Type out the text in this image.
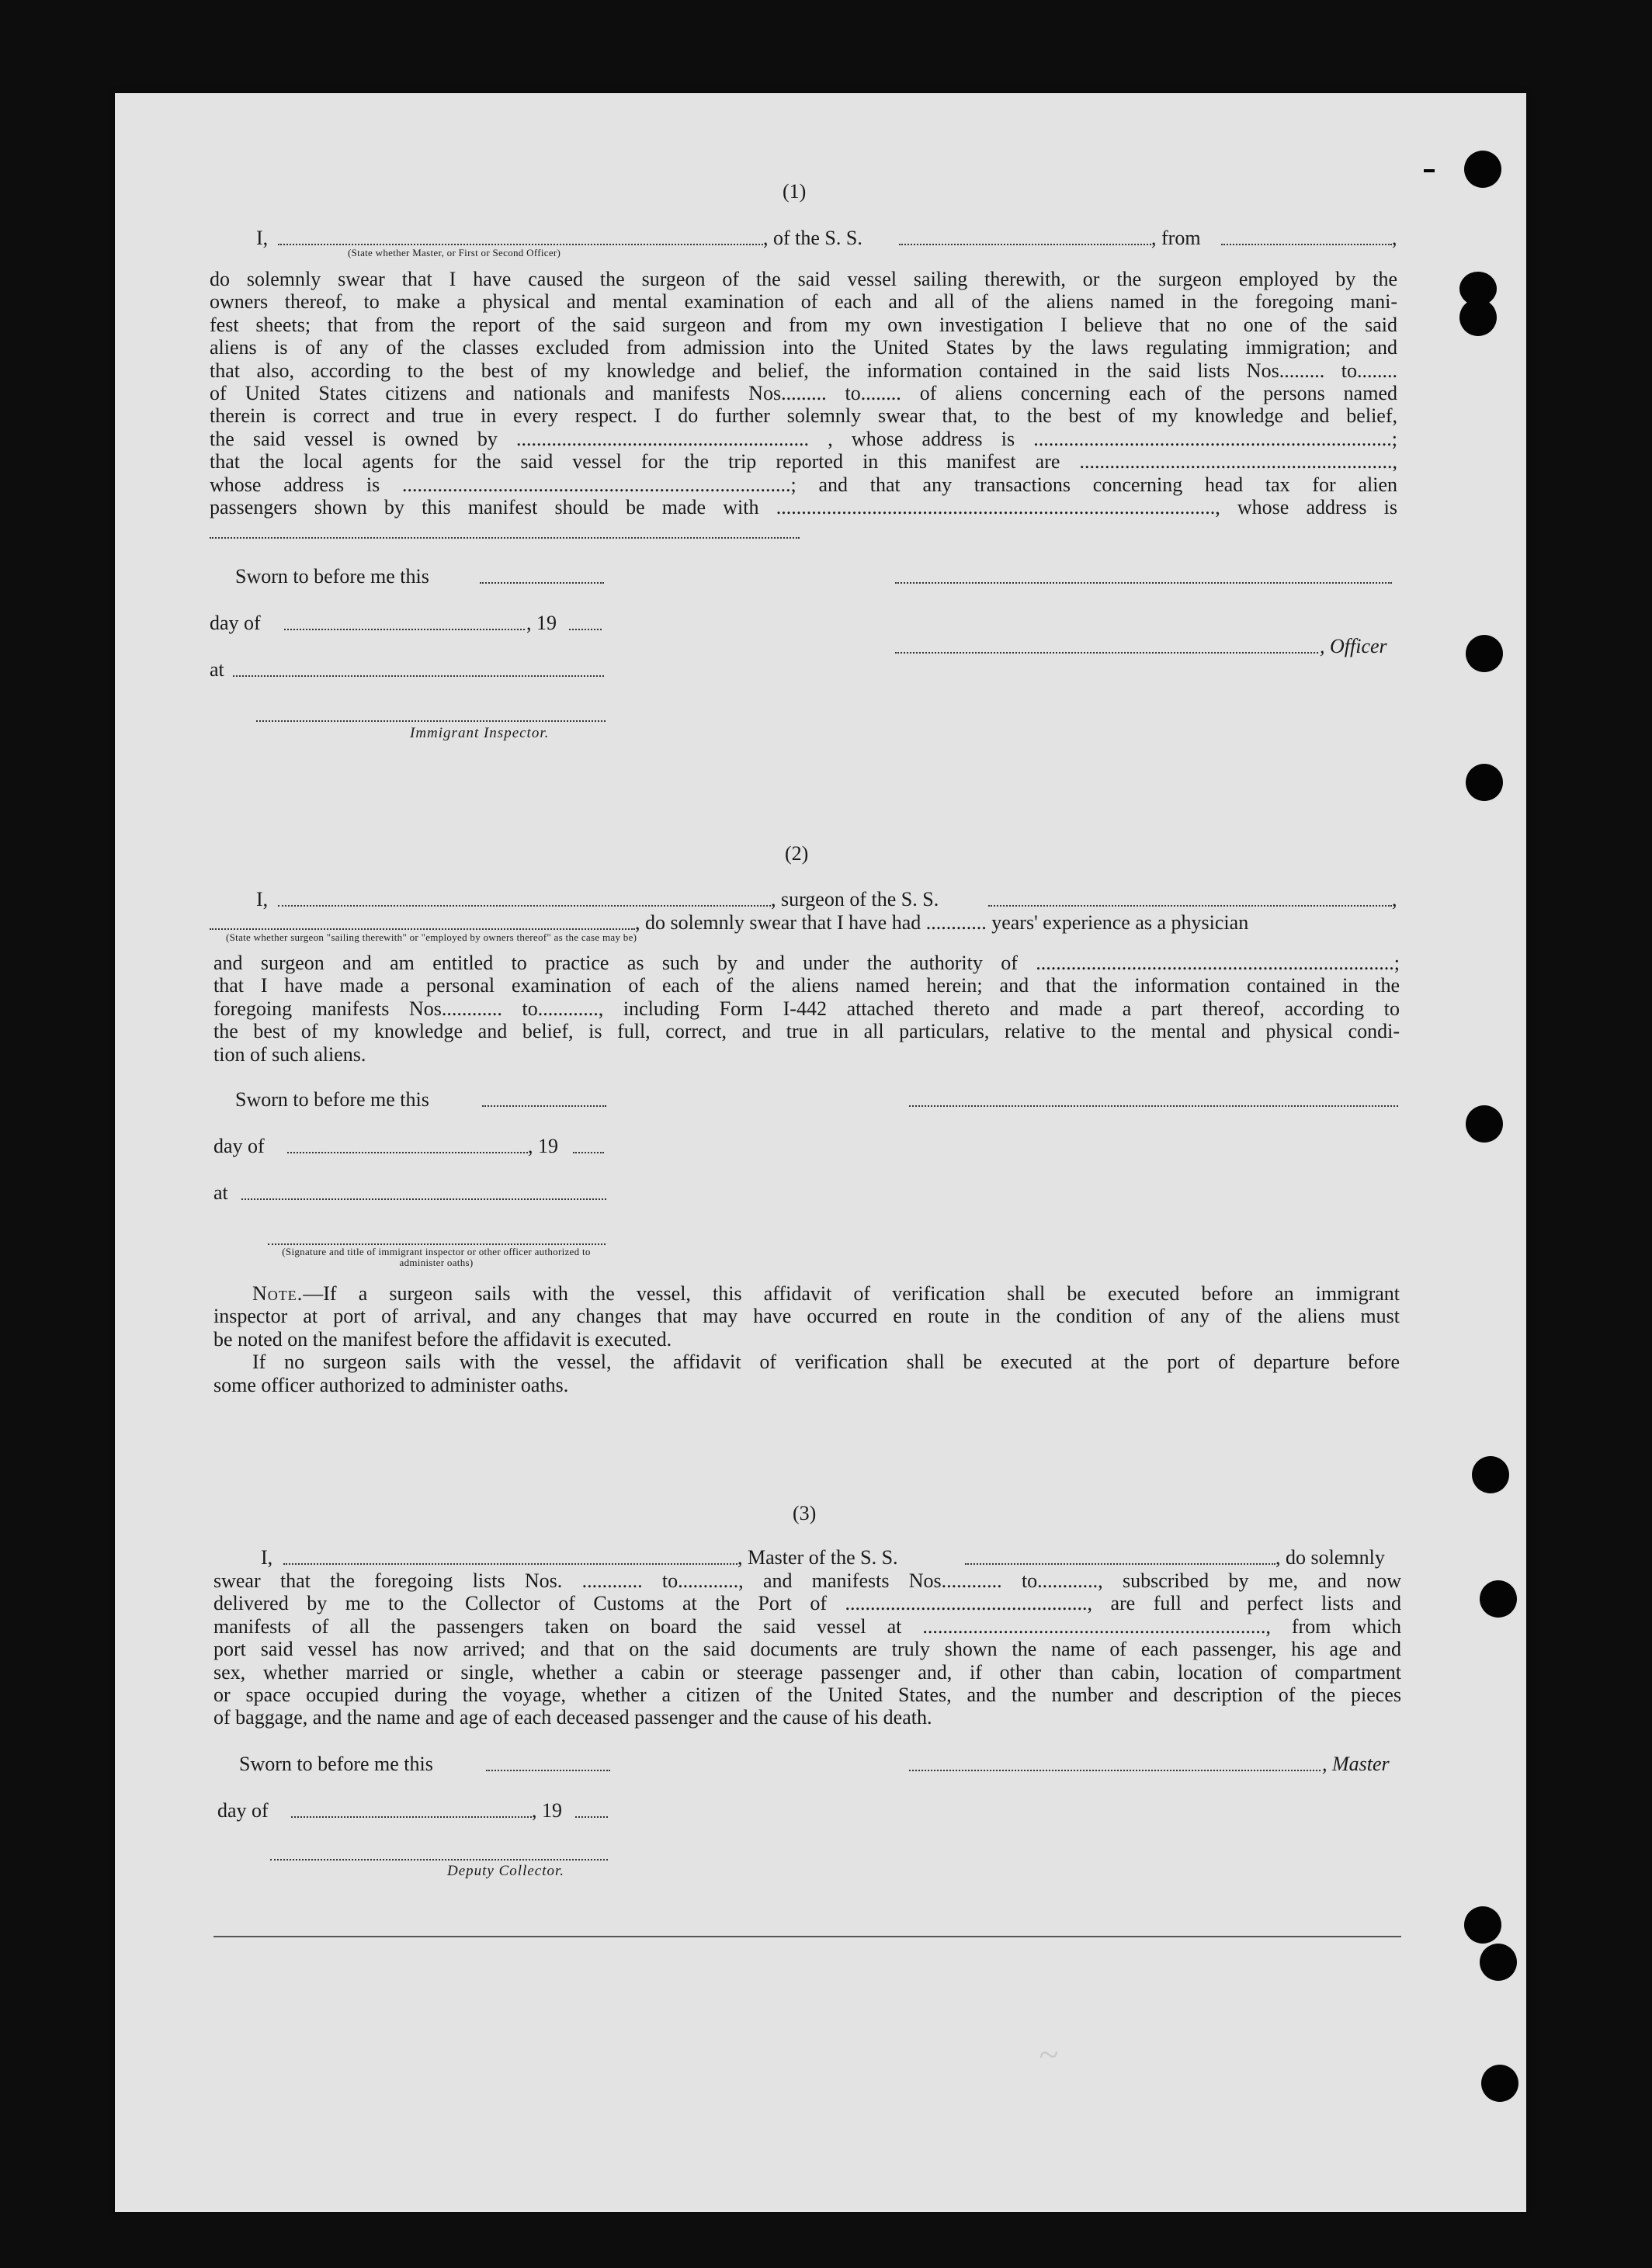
(1)
I,
(State whether Master, or First or Second Officer)
, of the S. S.	, from	,
do solemnly swear that I have caused the surgeon of the said vessel sailing therewith, or the surgeon employed by the
owners thereof, to make a physical and mental examination of each and all of the aliens named in the foregoing mani-
fest sheets; that from the report of the said surgeon and from my own investigation I believe that no one of the said
aliens is of any of the classes excluded from admission into the United States by the laws regulating immigration; and
that also, according to the best of my knowledge and belief, the information contained in the said lists Nos......... to........
of United States citizens and nationals and manifests Nos......... to........ of aliens concerning each of the persons named
therein is correct and true in every respect. I do further solemnly swear that, to the best of my knowledge and belief,
the said vessel is owned by .......................................................... , whose address is .......................................................................;
that the local agents for the said vessel for the trip reported in this manifest are ..............................................................,
whose address is .............................................................................; and that any transactions concerning head tax for alien
passengers shown by this manifest should be made with ......................................................................................., whose address is
Sworn to before me this
day of	, 19
, Officer
at
Immigrant Inspector.
(2)
I,	, surgeon of the S. S.	,
, do solemnly swear that I have had ............ years' experience as a physician
(State whether surgeon "sailing therewith" or "employed by owners thereof" as the case may be)
and surgeon and am entitled to practice as such by and under the authority of .......................................................................;
that I have made a personal examination of each of the aliens named herein; and that the information contained in the
foregoing manifests Nos............ to............, including Form I-442 attached thereto and made a part thereof, according to
the best of my knowledge and belief, is full, correct, and true in all particulars, relative to the mental and physical condi-
tion of such aliens.
Sworn to before me this
day of	, 19
at
(Signature and title of immigrant inspector or other officer authorized to administer oaths)
Note.—If a surgeon sails with the vessel, this affidavit of verification shall be executed before an immigrant
inspector at port of arrival, and any changes that may have occurred en route in the condition of any of the aliens must
be noted on the manifest before the affidavit is executed.
If no surgeon sails with the vessel, the affidavit of verification shall be executed at the port of departure before
some officer authorized to administer oaths.
(3)
I,	, Master of the S. S.	, do solemnly
swear that the foregoing lists Nos. ............ to............, and manifests Nos............ to............, subscribed by me, and now
delivered by me to the Collector of Customs at the Port of ................................................, are full and perfect lists and
manifests of all the passengers taken on board the said vessel at ...................................................................., from which
port said vessel has now arrived; and that on the said documents are truly shown the name of each passenger, his age and
sex, whether married or single, whether a cabin or steerage passenger and, if other than cabin, location of compartment
or space occupied during the voyage, whether a citizen of the United States, and the number and description of the pieces
of baggage, and the name and age of each deceased passenger and the cause of his death.
Sworn to before me this	, Master
day of	, 19
Deputy Collector.
~
